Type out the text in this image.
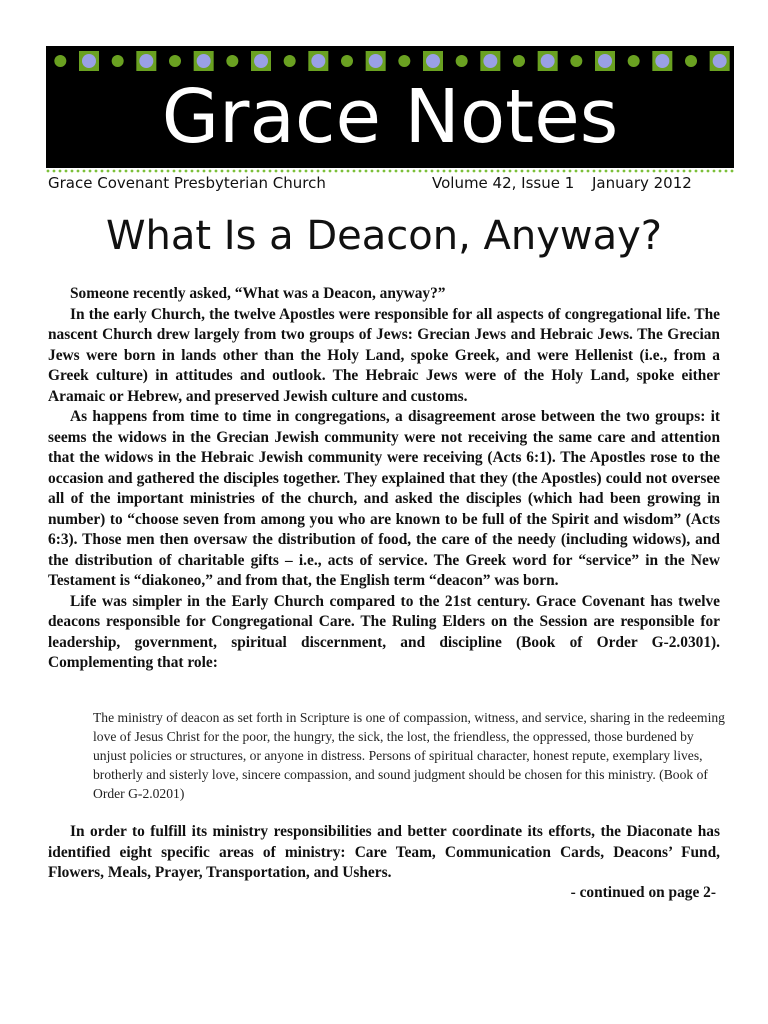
Grace Notes
Grace Covenant Presbyterian Church	Volume 42, Issue 1 January 2012
What Is a Deacon, Anyway?

Someone recently asked, “What was a Deacon, anyway?”

In the early Church, the twelve Apostles were responsible for all aspects of congregational life. The nascent Church drew largely from two groups of Jews: Grecian Jews and Hebraic Jews. The Grecian Jews were born in lands other than the Holy Land, spoke Greek, and were Hellenist (i.e., from a Greek culture) in attitudes and outlook. The Hebraic Jews were of the Holy Land, spoke either Aramaic or Hebrew, and preserved Jewish culture and customs.

As happens from time to time in congregations, a disagreement arose between the two groups: it seems the widows in the Grecian Jewish community were not receiving the same care and attention that the widows in the Hebraic Jewish community were receiving (Acts 6:1). The Apostles rose to the occasion and gathered the disciples together. They explained that they (the Apostles) could not oversee all of the important ministries of the church, and asked the disciples (which had been growing in number) to “choose seven from among you who are known to be full of the Spirit and wisdom” (Acts 6:3). Those men then oversaw the distribution of food, the care of the needy (including widows), and the distribution of charitable gifts – i.e., acts of service. The Greek word for “service” in the New Testament is “diakoneo,” and from that, the English term “deacon” was born.

Life was simpler in the Early Church compared to the 21st century. Grace Covenant has twelve deacons responsible for Congregational Care. The Ruling Elders on the Session are responsible for leadership, government, spiritual discernment, and discipline (Book of Order G-2.0301). Complementing that role:

The ministry of deacon as set forth in Scripture is one of compassion, witness, and service, sharing in the redeeming love of Jesus Christ for the poor, the hungry, the sick, the lost, the friendless, the oppressed, those burdened by unjust policies or structures, or anyone in distress. Persons of spiritual character, honest repute, exemplary lives, brotherly and sisterly love, sincere compassion, and sound judgment should be chosen for this ministry. (Book of Order G-2.0201)

In order to fulfill its ministry responsibilities and better coordinate its efforts, the Diaconate has identified eight specific areas of ministry: Care Team, Communication Cards, Deacons’ Fund, Flowers, Meals, Prayer, Transportation, and Ushers.

- continued on page 2-
